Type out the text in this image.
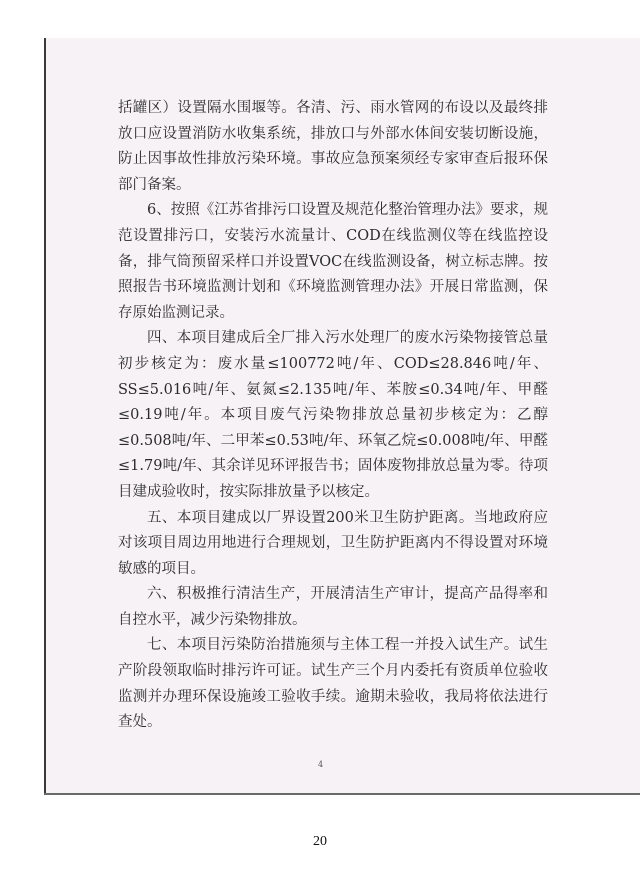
括罐区）设置隔水围堰等。各清、污、雨水管网的布设以及最终排放口应设置消防水收集系统，排放口与外部水体间安装切断设施，防止因事故性排放污染环境。事故应急预案须经专家审查后报环保部门备案。

6、按照《江苏省排污口设置及规范化整治管理办法》要求，规范设置排污口，安装污水流量计、COD在线监测仪等在线监控设备，排气筒预留采样口并设置VOC在线监测设备，树立标志牌。按照报告书环境监测计划和《环境监测管理办法》开展日常监测，保存原始监测记录。

四、本项目建成后全厂排入污水处理厂的废水污染物接管总量初步核定为：废水量≤100772吨/年、COD≤28.846吨/年、SS≤5.016吨/年、氨氮≤2.135吨/年、苯胺≤0.34吨/年、甲醛≤0.19吨/年。本项目废气污染物排放总量初步核定为：乙醇≤0.508吨/年、二甲苯≤0.53吨/年、环氧乙烷≤0.008吨/年、甲醛≤1.79吨/年、其余详见环评报告书；固体废物排放总量为零。待项目建成验收时，按实际排放量予以核定。

五、本项目建成以厂界设置200米卫生防护距离。当地政府应对该项目周边用地进行合理规划，卫生防护距离内不得设置对环境敏感的项目。

六、积极推行清洁生产，开展清洁生产审计，提高产品得率和自控水平，减少污染物排放。

七、本项目污染防治措施须与主体工程一并投入试生产。试生产阶段领取临时排污许可证。试生产三个月内委托有资质单位验收监测并办理环保设施竣工验收手续。逾期未验收，我局将依法进行查处。

4
20
